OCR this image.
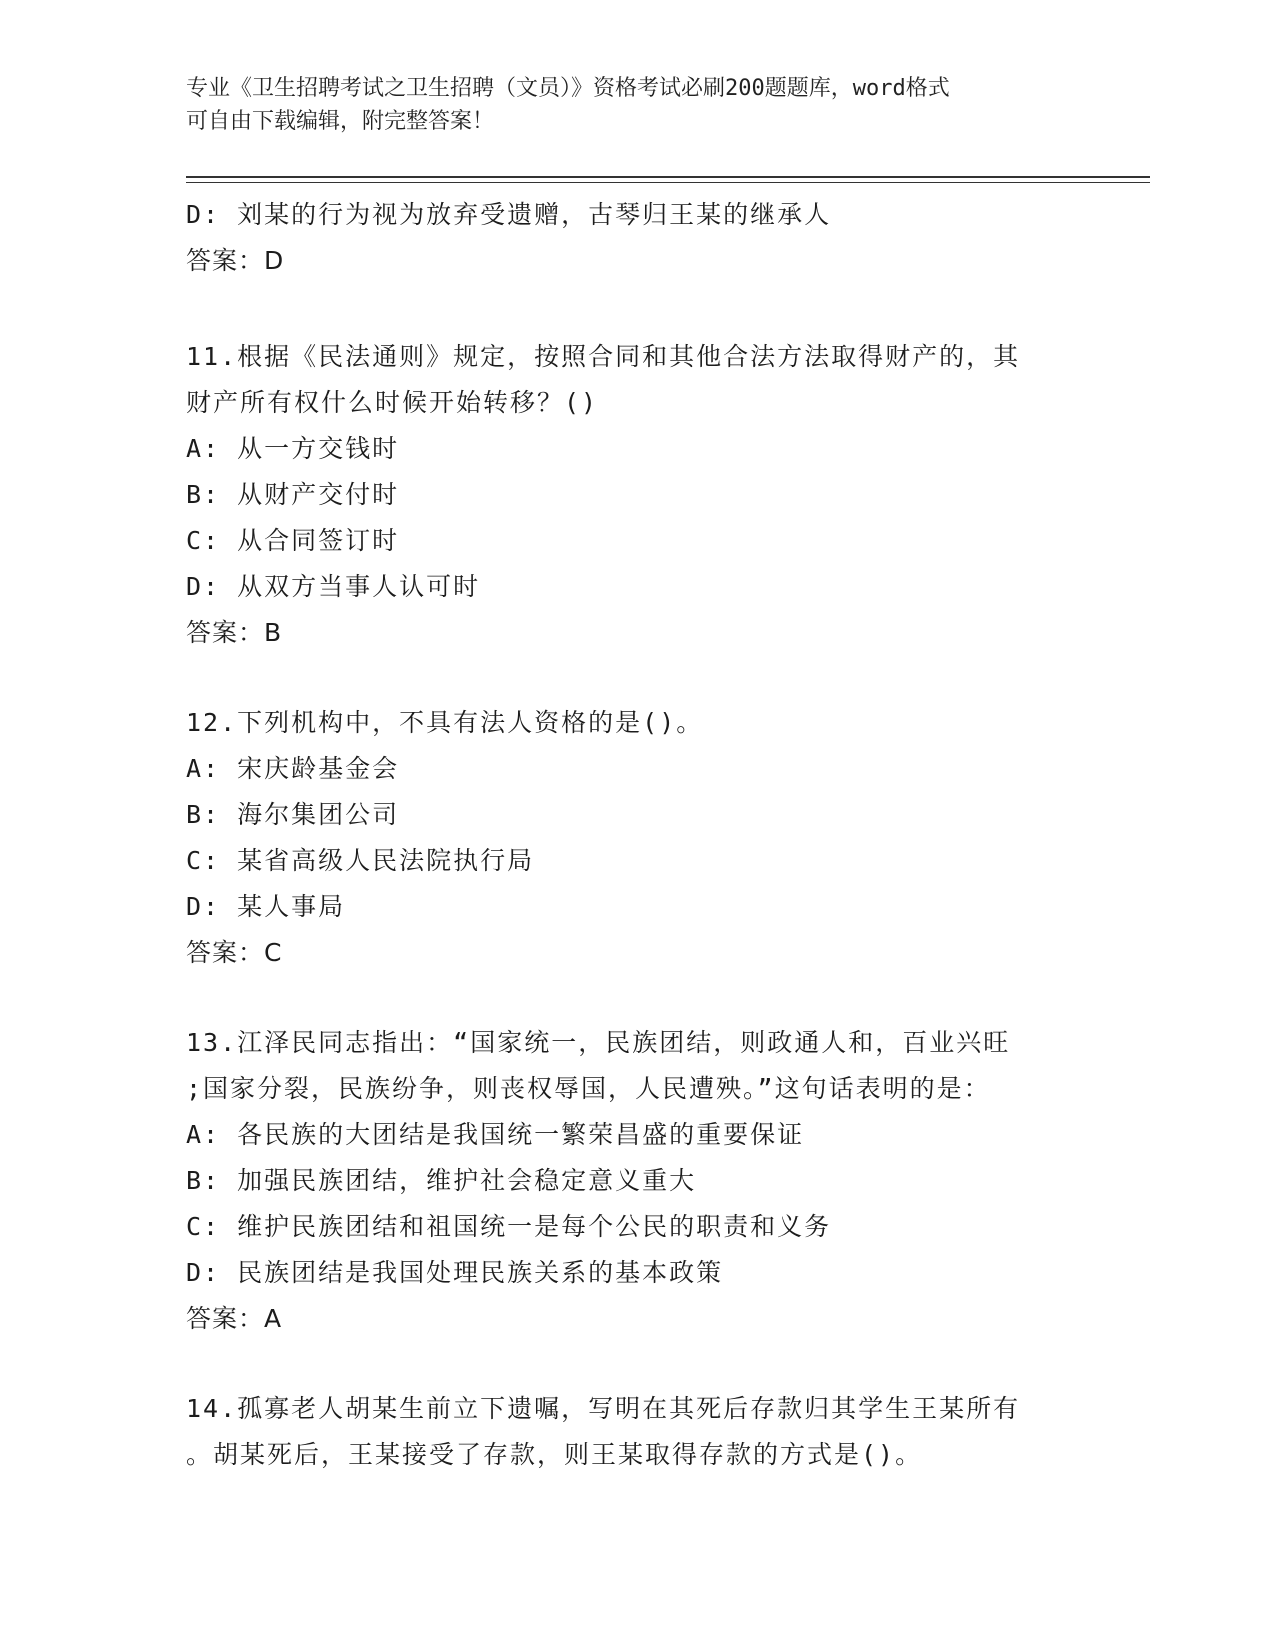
专业《卫生招聘考试之卫生招聘（文员）》资格考试必刷200题题库，word格式
可自由下载编辑，附完整答案！
D: 刘某的行为视为放弃受遗赠，古琴归王某的继承人
答案：D
11.根据《民法通则》规定，按照合同和其他合法方法取得财产的，其
财产所有权什么时候开始转移？()
A: 从一方交钱时
B: 从财产交付时
C: 从合同签订时
D: 从双方当事人认可时
答案：B
12.下列机构中，不具有法人资格的是()。
A: 宋庆龄基金会
B: 海尔集团公司
C: 某省高级人民法院执行局
D: 某人事局
答案：C
13.江泽民同志指出：“国家统一，民族团结，则政通人和，百业兴旺
;国家分裂，民族纷争，则丧权辱国，人民遭殃。”这句话表明的是：
A: 各民族的大团结是我国统一繁荣昌盛的重要保证
B: 加强民族团结，维护社会稳定意义重大
C: 维护民族团结和祖国统一是每个公民的职责和义务
D: 民族团结是我国处理民族关系的基本政策
答案：A
14.孤寡老人胡某生前立下遗嘱，写明在其死后存款归其学生王某所有
。胡某死后，王某接受了存款，则王某取得存款的方式是()。
